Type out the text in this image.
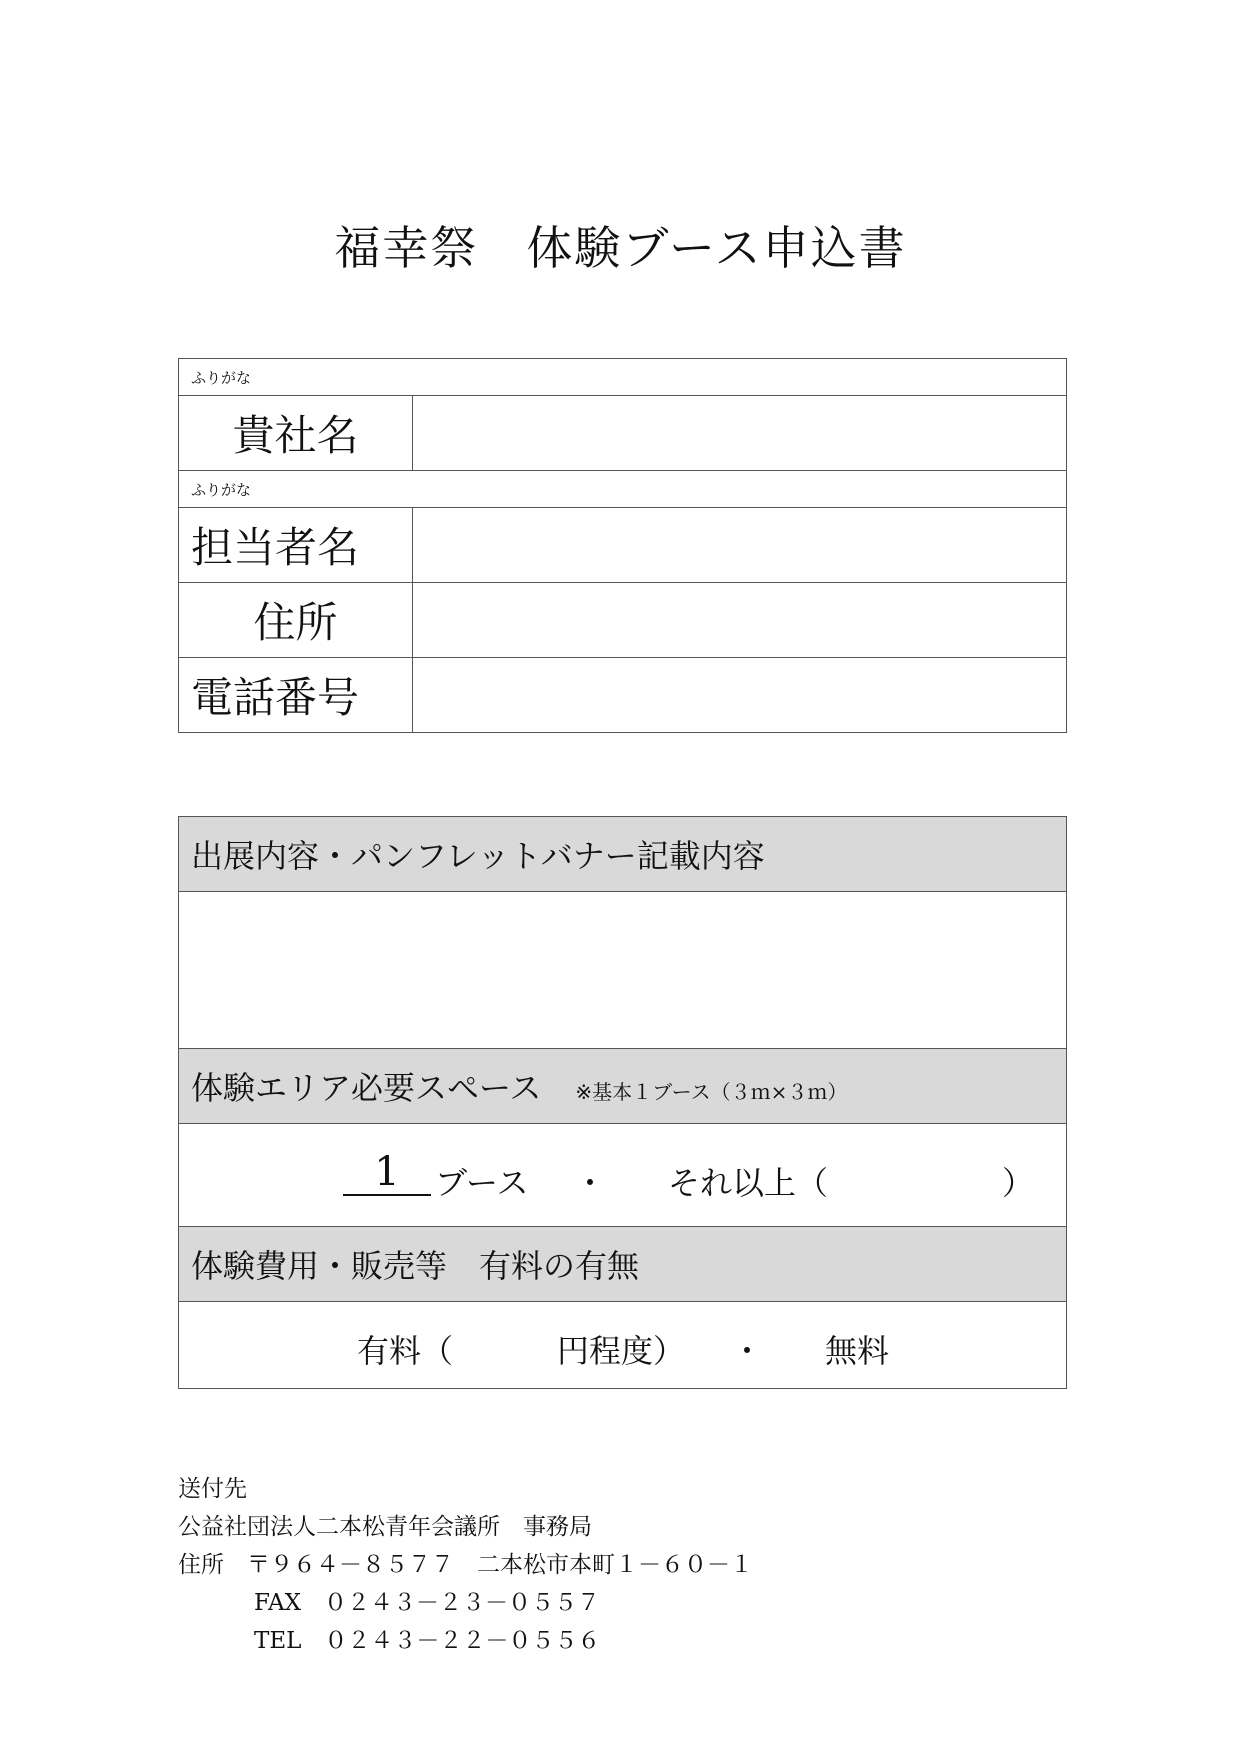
福幸祭　体験ブース申込書
ふりがな	
貴社名	
ふりがな	
担当者名	
住所	
電話番号	
出展内容・パンフレットバナー記載内容

体験エリア必要スペース ※基本１ブース（３ｍ×３ｍ）

1	ブース ・ それ以上（	）

体験費用・販売等　有料の有無

有料（	円程度） ・ 無料
送付先
公益社団法人二本松青年会議所　事務局
住所　〒９６４－８５７７　二本松市本町１－６０－１
FAX　０２４３－２３－０５５７
TEL　０２４３－２２－０５５６
